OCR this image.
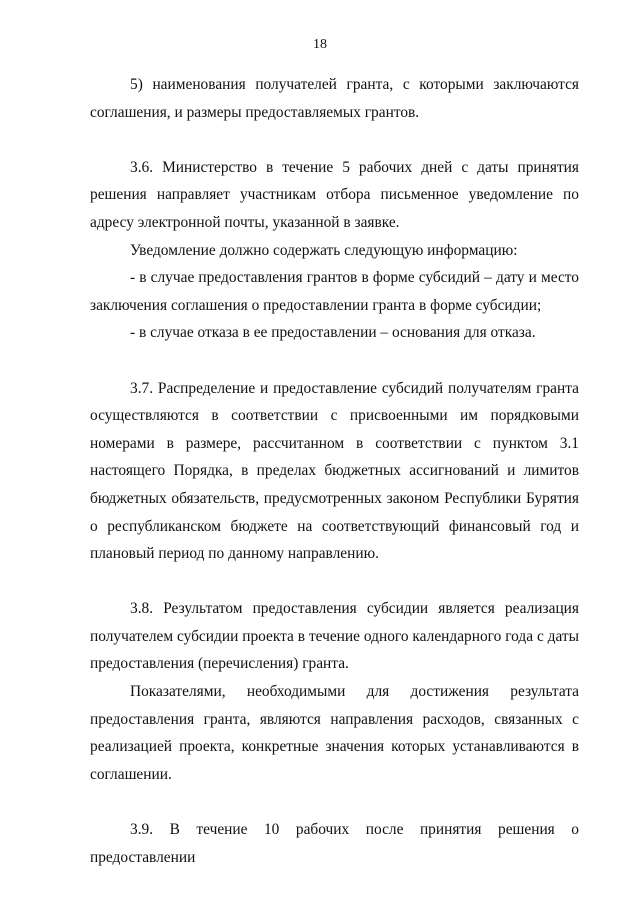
18

5) наименования получателей гранта, с которыми заключаются соглашения, и размеры предоставляемых грантов.

3.6. Министерство в течение 5 рабочих дней с даты принятия решения направляет участникам отбора письменное уведомление по адресу электронной почты, указанной в заявке.

Уведомление должно содержать следующую информацию:

- в случае предоставления грантов в форме субсидий – дату и место заключения соглашения о предоставлении гранта в форме субсидии;

- в случае отказа в ее предоставлении – основания для отказа.

3.7. Распределение и предоставление субсидий получателям гранта осуществляются в соответствии с присвоенными им порядковыми номерами в размере, рассчитанном в соответствии с пунктом 3.1 настоящего Порядка, в пределах бюджетных ассигнований и лимитов бюджетных обязательств, предусмотренных законом Республики Бурятия о республиканском бюджете на соответствующий финансовый год и плановый период по данному направлению.

3.8. Результатом предоставления субсидии является реализация получателем субсидии проекта в течение одного календарного года с даты предоставления (перечисления) гранта.

Показателями, необходимыми для достижения результата предоставления гранта, являются направления расходов, связанных с реализацией проекта, конкретные значения которых устанавливаются в соглашении.

3.9. В течение 10 рабочих после принятия решения о предоставлении
